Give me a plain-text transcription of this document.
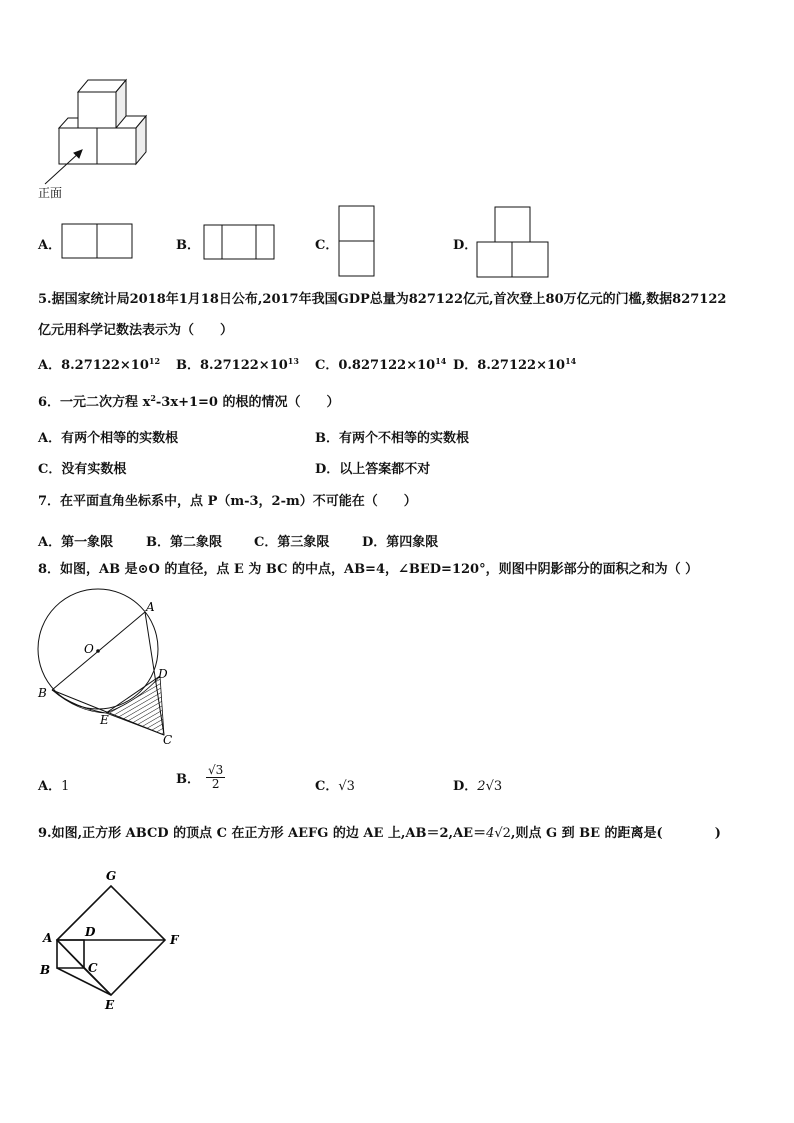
正面
A．	B．	C．	D．
5.据国家统计局2018年1月18日公布,2017年我国GDP总量为827122亿元,首次登上80万亿元的门槛,数据827122
亿元用科学记数法表示为（　　）
A．$8.27122\times 10^{12}$ B．$8.27122\times 10^{13}$ C．$0.827122\times 10^{14}$ D．$8.27122\times 10^{14}$
6．一元二次方程 $x^2-3x+1=0$ 的根的情况（　　）
A．有两个相等的实数根	B．有两个不相等的实数根
C．没有实数根	D．以上答案都不对
7．在平面直角坐标系中，点 P（m-3，2-m）不可能在（　　）
A．第一象限	B．第二象限 C．第三象限	D．第四象限
8．如图，AB 是⊙O 的直径，点 E 为 BC 的中点，AB=4，∠BED=120°，则图中阴影部分的面积之和为（ ）
A
O
D
B
E
C
A．1	B． $\frac{√3}{2}$	C．√3	D．2√3
9.如图,正方形 ABCD 的顶点 C 在正方形 AEFG 的边 AE 上,AB＝2,AE＝4√2,则点 G 到 BE 的距离是(　　　　)
G
A	D
F
B	C
E
